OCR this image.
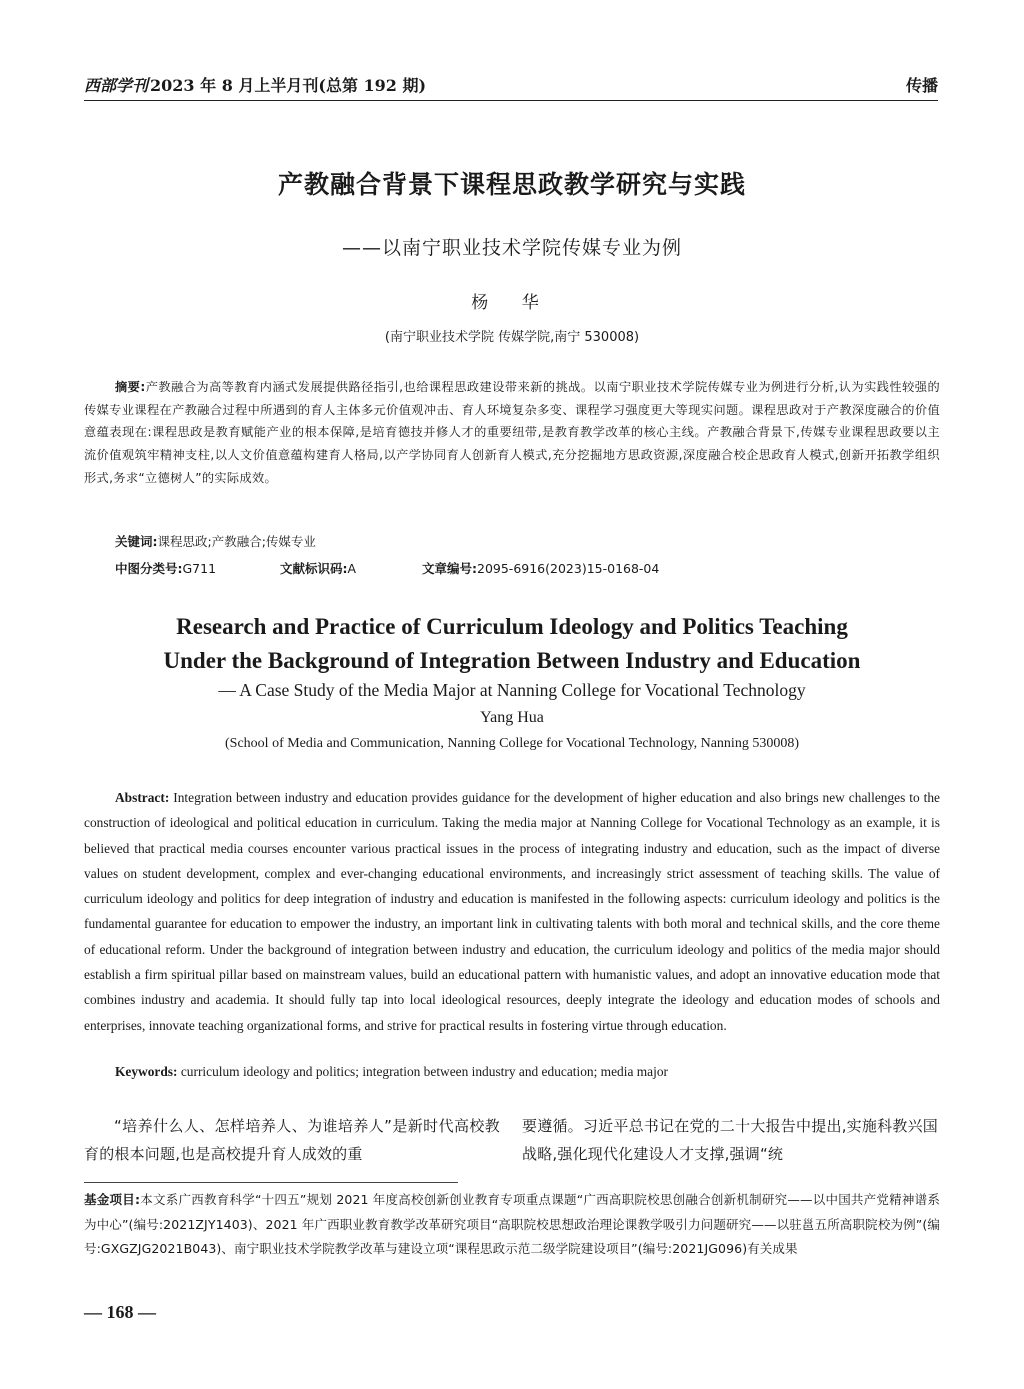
西部学刊 2023 年 8 月上半月刊(总第 192 期)	传播
产教融合背景下课程思政教学研究与实践
——以南宁职业技术学院传媒专业为例
杨 华
(南宁职业技术学院 传媒学院,南宁 530008)
摘要:产教融合为高等教育内涵式发展提供路径指引,也给课程思政建设带来新的挑战。以南宁职业技术学院传媒专业为例进行分析,认为实践性较强的传媒专业课程在产教融合过程中所遇到的育人主体多元价值观冲击、育人环境复杂多变、课程学习强度更大等现实问题。课程思政对于产教深度融合的价值意蕴表现在:课程思政是教育赋能产业的根本保障,是培育德技并修人才的重要纽带,是教育教学改革的核心主线。产教融合背景下,传媒专业课程思政要以主流价值观筑牢精神支柱,以人文价值意蕴构建育人格局,以产学协同育人创新育人模式,充分挖掘地方思政资源,深度融合校企思政育人模式,创新开拓教学组织形式,务求“立德树人”的实际成效。
关键词:课程思政;产教融合;传媒专业
中图分类号:G711	文献标识码:A	文章编号:2095-6916(2023)15-0168-04
Research and Practice of Curriculum Ideology and Politics Teaching
Under the Background of Integration Between Industry and Education
— A Case Study of the Media Major at Nanning College for Vocational Technology
Yang Hua
(School of Media and Communication, Nanning College for Vocational Technology, Nanning 530008)
Abstract: Integration between industry and education provides guidance for the development of higher education and also brings new challenges to the construction of ideological and political education in curriculum. Taking the media major at Nanning College for Vocational Technology as an example, it is believed that practical media courses encounter various practical issues in the process of integrating industry and education, such as the impact of diverse values on student development, complex and ever-changing educational environments, and increasingly strict assessment of teaching skills. The value of curriculum ideology and politics for deep integration of industry and education is manifested in the following aspects: curriculum ideology and politics is the fundamental guarantee for education to empower the industry, an important link in cultivating talents with both moral and technical skills, and the core theme of educational reform. Under the background of integration between industry and education, the curriculum ideology and politics of the media major should establish a firm spiritual pillar based on mainstream values, build an educational pattern with humanistic values, and adopt an innovative education mode that combines industry and academia. It should fully tap into local ideological resources, deeply integrate the ideology and education modes of schools and enterprises, innovate teaching organizational forms, and strive for practical results in fostering virtue through education.
Keywords: curriculum ideology and politics; integration between industry and education; media major
“培养什么人、怎样培养人、为谁培养人”是新时代高校教育的根本问题,也是高校提升育人成效的重
要遵循。习近平总书记在党的二十大报告中提出,实施科教兴国战略,强化现代化建设人才支撑,强调“统
基金项目:本文系广西教育科学“十四五”规划 2021 年度高校创新创业教育专项重点课题“广西高职院校思创融合创新机制研究——以中国共产党精神谱系为中心”(编号:2021ZJY1403)、2021 年广西职业教育教学改革研究项目“高职院校思想政治理论课教学吸引力问题研究——以驻邕五所高职院校为例”(编号:GXGZJG2021B043)、南宁职业技术学院教学改革与建设立项“课程思政示范二级学院建设项目”(编号:2021JG096)有关成果
— 168 —
